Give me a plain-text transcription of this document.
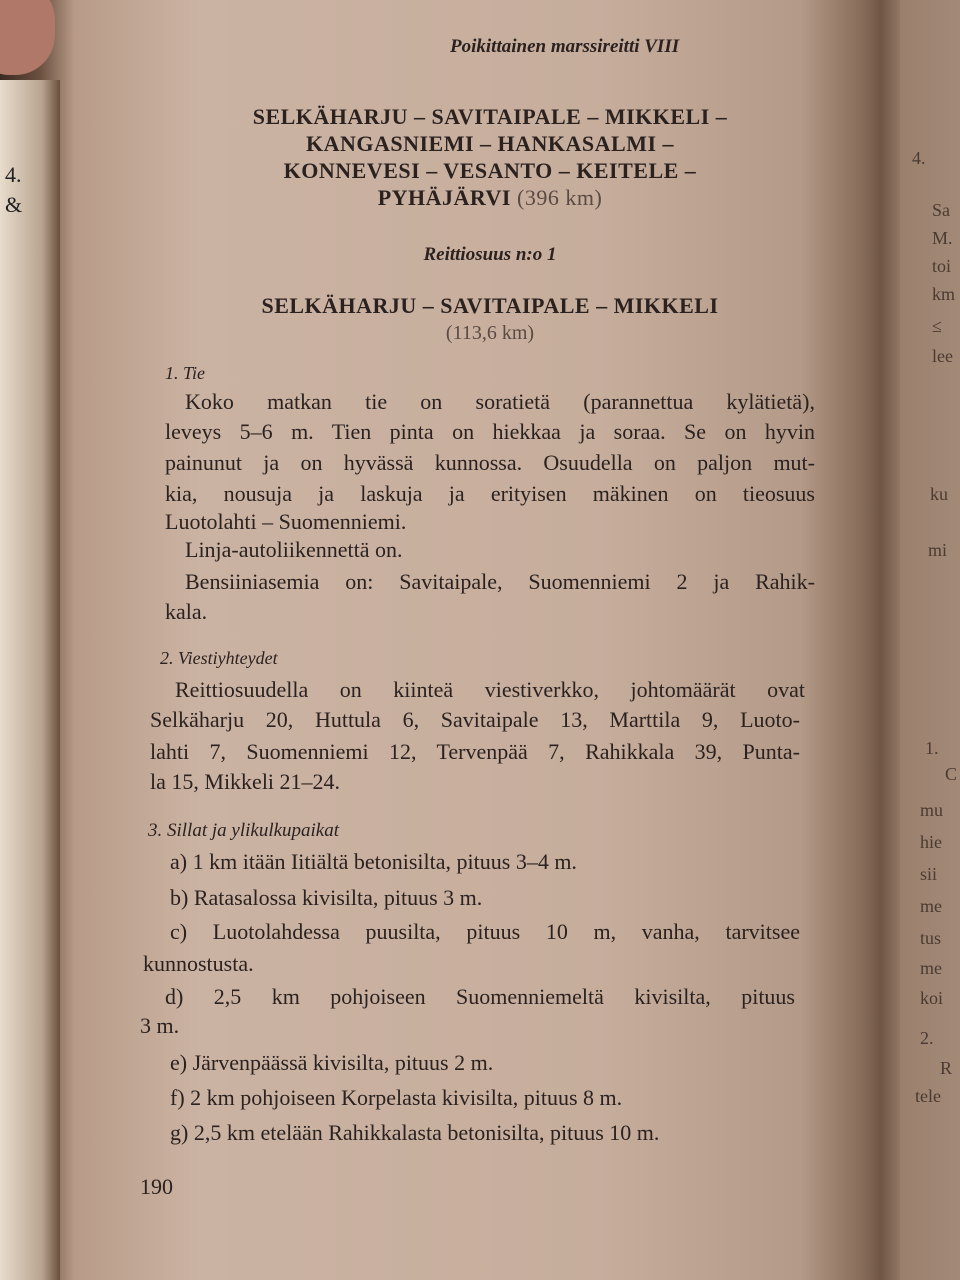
4.
&
Poikittainen marssireitti VIII
SELKÄHARJU – SAVITAIPALE – MIKKELI –
KANGASNIEMI – HANKASALMI –
KONNEVESI – VESANTO – KEITELE –
PYHÄJÄRVI (396 km)
Reittiosuus n:o 1
SELKÄHARJU – SAVITAIPALE – MIKKELI
(113,6 km)
1. Tie
Koko matkan tie on soratietä (parannettua kylätietä),
leveys 5–6 m. Tien pinta on hiekkaa ja soraa. Se on hyvin
painunut ja on hyvässä kunnossa. Osuudella on paljon mut-
kia, nousuja ja laskuja ja erityisen mäkinen on tieosuus
Luotolahti – Suomenniemi.
Linja-autoliikennettä on.
Bensiiniasemia on: Savitaipale, Suomenniemi 2 ja Rahik-
kala.
2. Viestiyhteydet
Reittiosuudella on kiinteä viestiverkko, johtomäärät ovat
Selkäharju 20, Huttula 6, Savitaipale 13, Marttila 9, Luoto-
lahti 7, Suomenniemi 12, Tervenpää 7, Rahikkala 39, Punta-
la 15, Mikkeli 21–24.
3. Sillat ja ylikulkupaikat
a) 1 km itään Iitiältä betonisilta, pituus 3–4 m.
b) Ratasalossa kivisilta, pituus 3 m.
c) Luotolahdessa puusilta, pituus 10 m, vanha, tarvitsee
kunnostusta.
d) 2,5 km pohjoiseen Suomenniemeltä kivisilta, pituus
3 m.
e) Järvenpäässä kivisilta, pituus 2 m.
f) 2 km pohjoiseen Korpelasta kivisilta, pituus 8 m.
g) 2,5 km etelään Rahikkalasta betonisilta, pituus 10 m.
190
4.
Sa
M.
toi
km
≤
lee
ku
mi
1.
C
mu
hie
sii
me
tus
me
koi
2.
R
tele
